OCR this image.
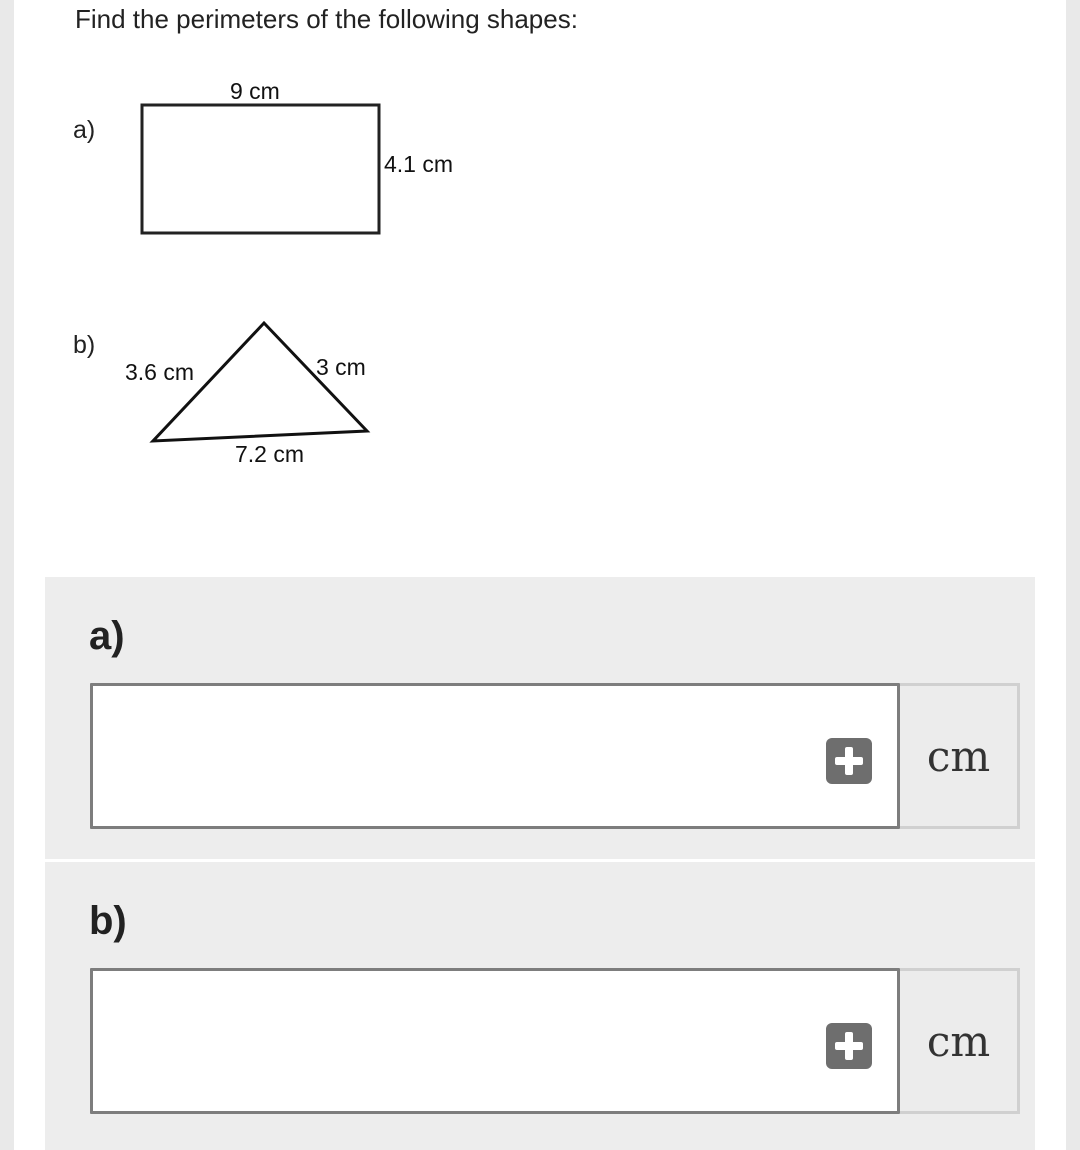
Find the perimeters of the following shapes:
a)
9 cm
4.1 cm
b)
3.6 cm	3 cm
7.2 cm
a)
cm
b)
cm
